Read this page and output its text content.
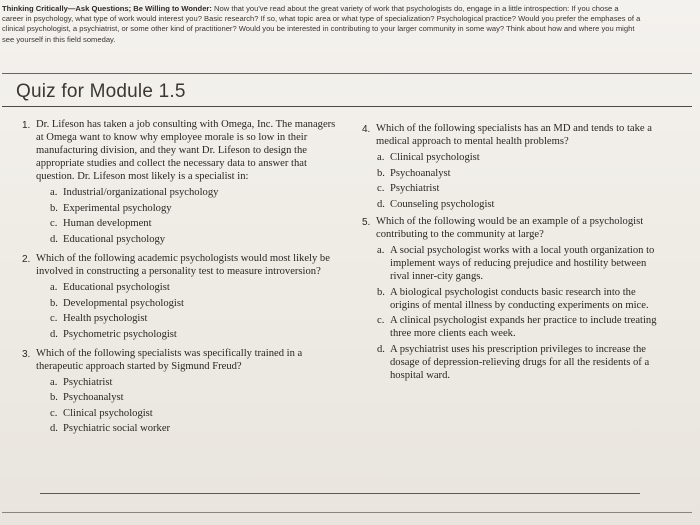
Thinking Critically—Ask Questions; Be Willing to Wonder: Now that you've read about the great variety of work that psychologists do, engage in a little introspection: If you chose a career in psychology, what type of work would interest you? Basic research? If so, what topic area or what type of specialization? Psychological practice? Would you prefer the emphases of a clinical psychologist, a psychiatrist, or some other kind of practitioner? Would you be interested in contributing to your larger community in some way? Think about how and where you might see yourself in this field someday.
Quiz for Module 1.5
1. Dr. Lifeson has taken a job consulting with Omega, Inc. The managers at Omega want to know why employee morale is so low in their manufacturing division, and they want Dr. Lifeson to design the appropriate studies and collect the necessary data to answer that question. Dr. Lifeson most likely is a specialist in:
a. Industrial/organizational psychology
b. Experimental psychology
c. Human development
d. Educational psychology
2. Which of the following academic psychologists would most likely be involved in constructing a personality test to measure introversion?
a. Educational psychologist
b. Developmental psychologist
c. Health psychologist
d. Psychometric psychologist
3. Which of the following specialists was specifically trained in a therapeutic approach started by Sigmund Freud?
a. Psychiatrist
b. Psychoanalyst
c. Clinical psychologist
d. Psychiatric social worker
4. Which of the following specialists has an MD and tends to take a medical approach to mental health problems?
a. Clinical psychologist
b. Psychoanalyst
c. Psychiatrist
d. Counseling psychologist
5. Which of the following would be an example of a psychologist contributing to the community at large?
a. A social psychologist works with a local youth organization to implement ways of reducing prejudice and hostility between rival inner-city gangs.
b. A biological psychologist conducts basic research into the origins of mental illness by conducting experiments on mice.
c. A clinical psychologist expands her practice to include treating three more clients each week.
d. A psychiatrist uses his prescription privileges to increase the dosage of depression-relieving drugs for all the residents of a hospital ward.
